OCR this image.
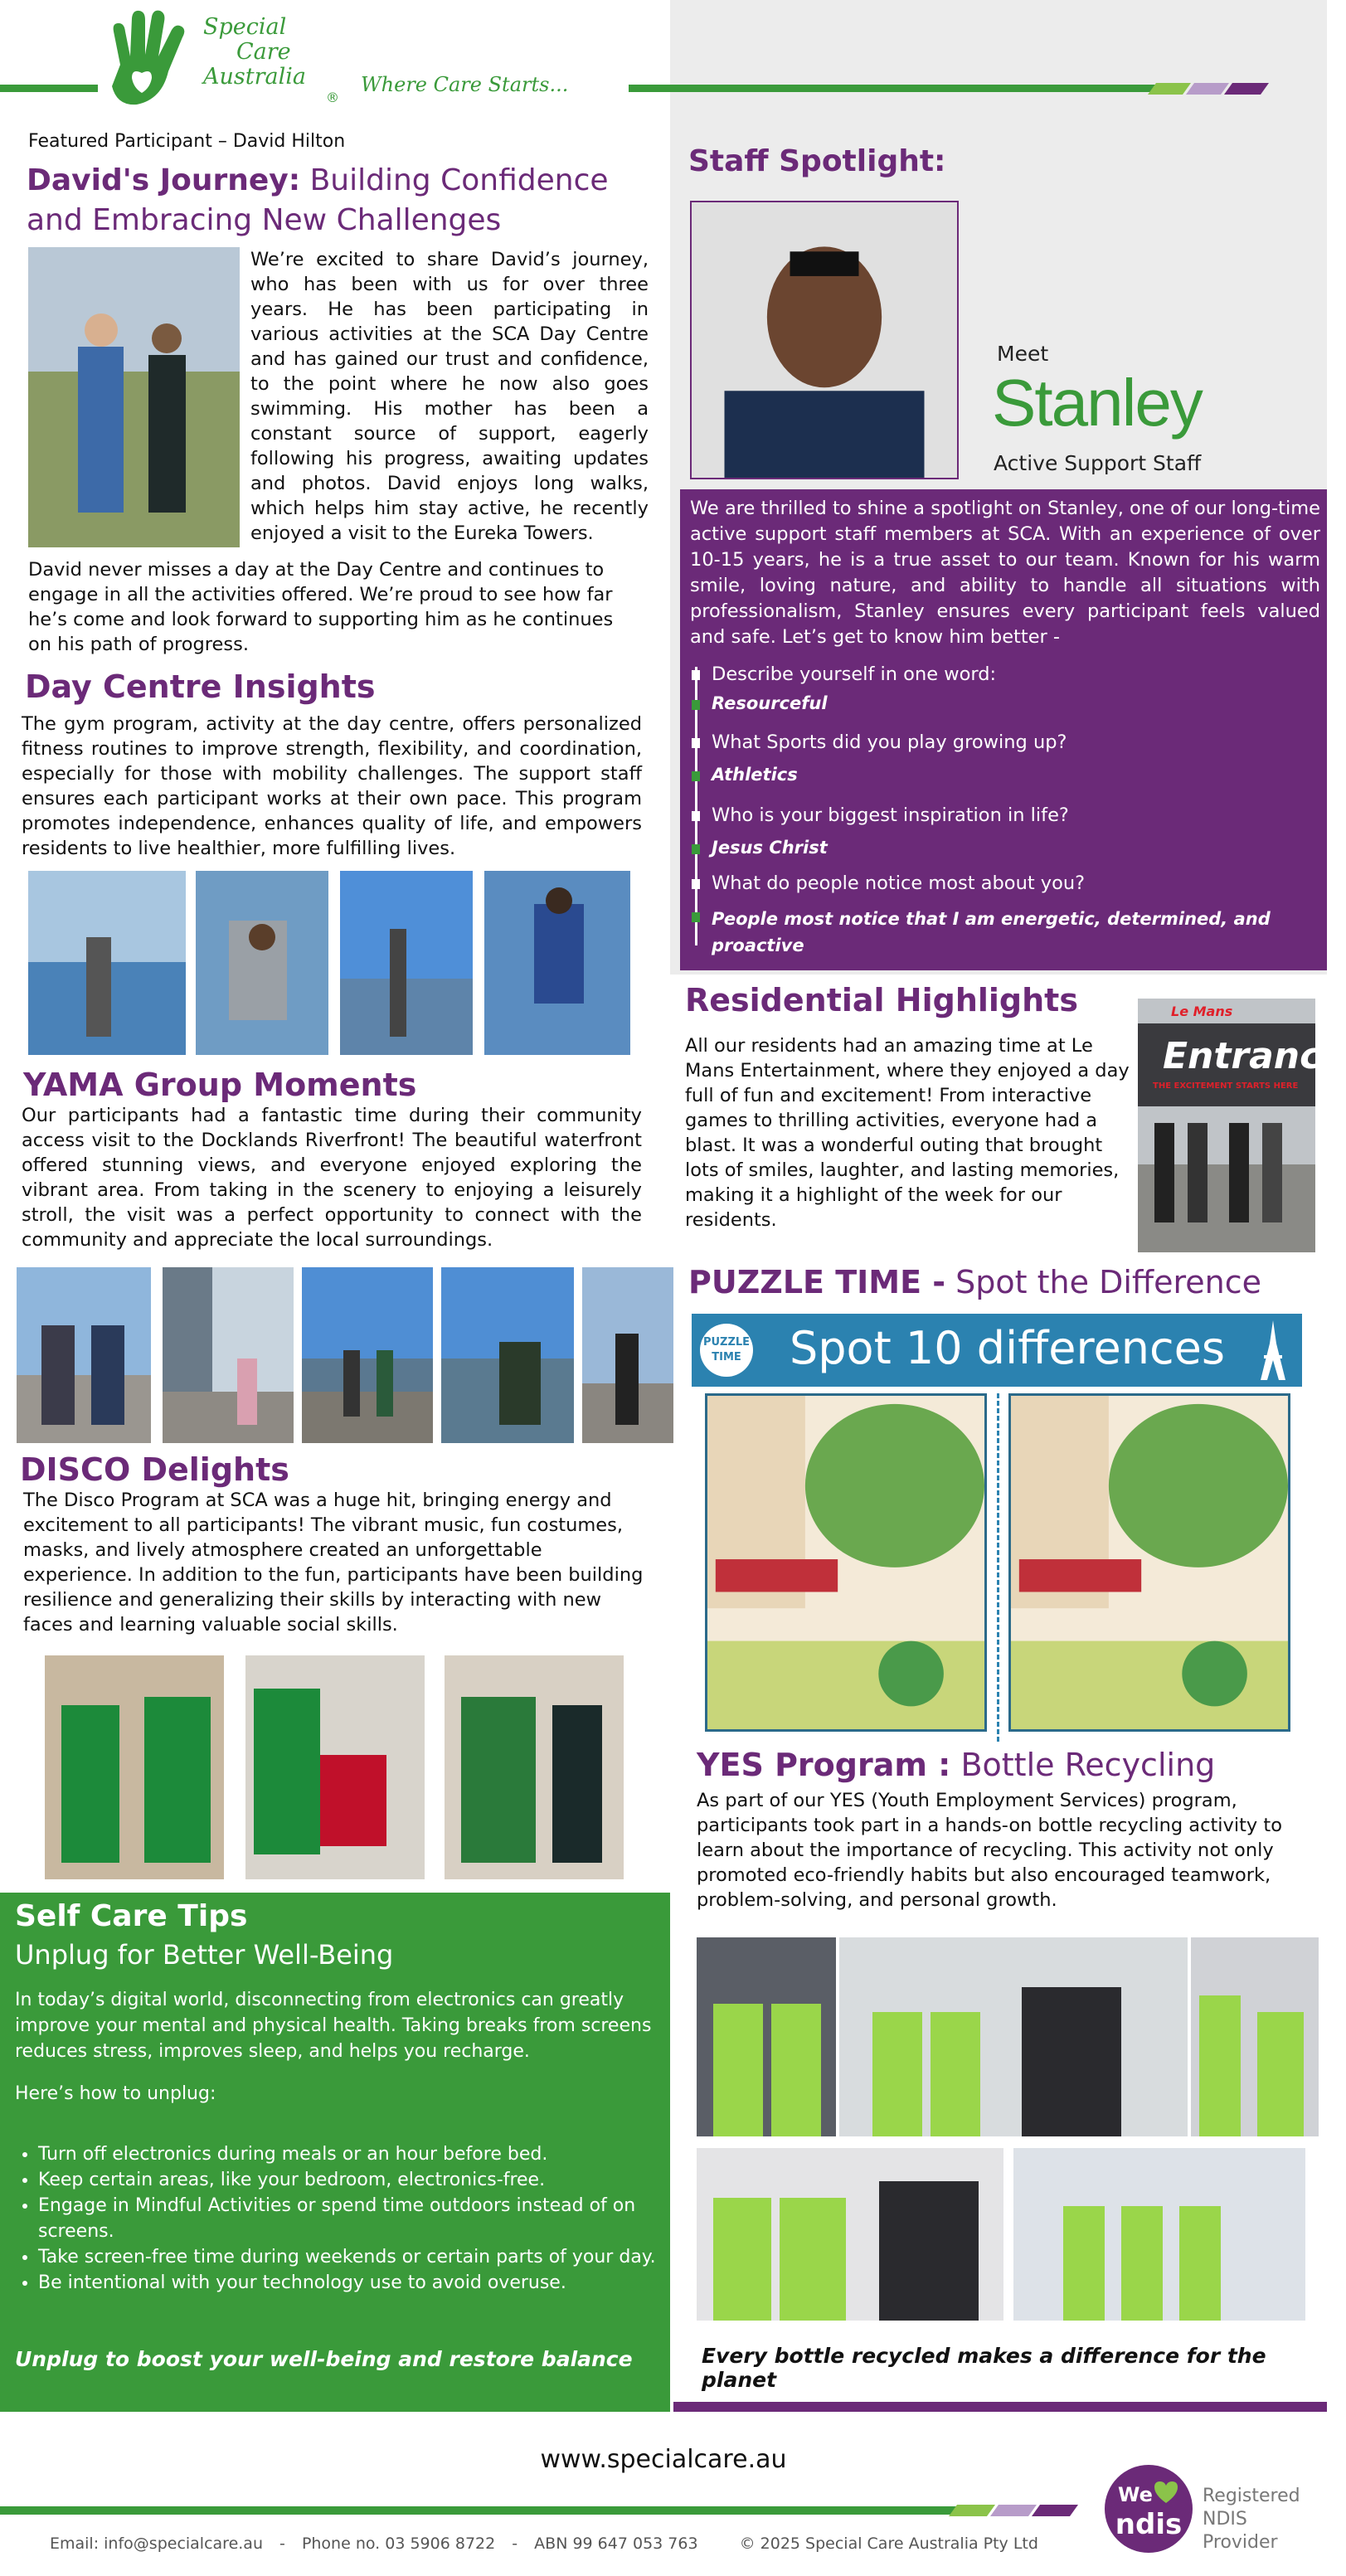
Special
Care
Australia
®
Where Care Starts...
Featured Participant – David Hilton
David's Journey: Building Confidence and Embracing New Challenges
We’re excited to share David’s journey, who has been with us for over three years. He has been participating in various activities at the SCA Day Centre and has gained our trust and confidence, to the point where he now also goes swimming. His mother has been a constant source of support, eagerly following his progress, awaiting updates and photos. David enjoys long walks, which helps him stay active, he recently enjoyed a visit to the Eureka Towers.
David never misses a day at the Day Centre and continues to engage in all the activities offered. We’re proud to see how far he’s come and look forward to supporting him as he continues on his path of progress.
Day Centre Insights
The gym program, activity at the day centre, offers personalized fitness routines to improve strength, flexibility, and coordination, especially for those with mobility challenges. The support staff ensures each participant works at their own pace. This program promotes independence, enhances quality of life, and empowers residents to live healthier, more fulfilling lives.
YAMA Group Moments
Our participants had a fantastic time during their community access visit to the Docklands Riverfront! The beautiful waterfront offered stunning views, and everyone enjoyed exploring the vibrant area. From taking in the scenery to enjoying a leisurely stroll, the visit was a perfect opportunity to connect with the community and appreciate the local surroundings.
DISCO Delights
The Disco Program at SCA was a huge hit, bringing energy and excitement to all participants! The vibrant music, fun costumes, masks, and lively atmosphere created an unforgettable experience. In addition to the fun, participants have been building resilience and generalizing their skills by interacting with new faces and learning valuable social skills.
Self Care Tips
Unplug for Better Well-Being
In today’s digital world, disconnecting from electronics can greatly improve your mental and physical health. Taking breaks from screens reduces stress, improves sleep, and helps you recharge.
Here’s how to unplug:
• Turn off electronics during meals or an hour before bed.
• Keep certain areas, like your bedroom, electronics-free.
• Engage in Mindful Activities or spend time outdoors instead of on screens.
• Take screen-free time during weekends or certain parts of your day.
• Be intentional with your technology use to avoid overuse.
Unplug to boost your well-being and restore balance
Staff Spotlight:
Meet
Stanley
Active Support Staff
We are thrilled to shine a spotlight on Stanley, one of our long-time active support staff members at SCA. With an experience of over 10-15 years, he is a true asset to our team. Known for his warm smile, loving nature, and ability to handle all situations with professionalism, Stanley ensures every participant feels valued and safe. Let’s get to know him better -
Describe yourself in one word:
Resourceful
What Sports did you play growing up?
Athletics
Who is your biggest inspiration in life?
Jesus Christ
What do people notice most about you?
People most notice that I am energetic, determined, and proactive
Residential Highlights
All our residents had an amazing time at Le Mans Entertainment, where they enjoyed a day full of fun and excitement! From interactive games to thrilling activities, everyone had a blast. It was a wonderful outing that brought lots of smiles, laughter, and lasting memories, making it a highlight of the week for our residents.
Le Mans
Entrance
THE EXCITEMENT STARTS HERE
PUZZLE TIME - Spot the Difference
PUZZLE
TIME Spot 10 differences
YES Program : Bottle Recycling
As part of our YES (Youth Employment Services) program, participants took part in a hands-on bottle recycling activity to learn about the importance of recycling. This activity not only promoted eco-friendly habits but also encouraged teamwork, problem-solving, and personal growth.
Every bottle recycled makes a difference for the planet
www.specialcare.au
We
ndis
Registered
NDIS Provider
Email: info@specialcare.au - Phone no. 03 5906 8722 - ABN 99 647 053 763	© 2025 Special Care Australia Pty Ltd
